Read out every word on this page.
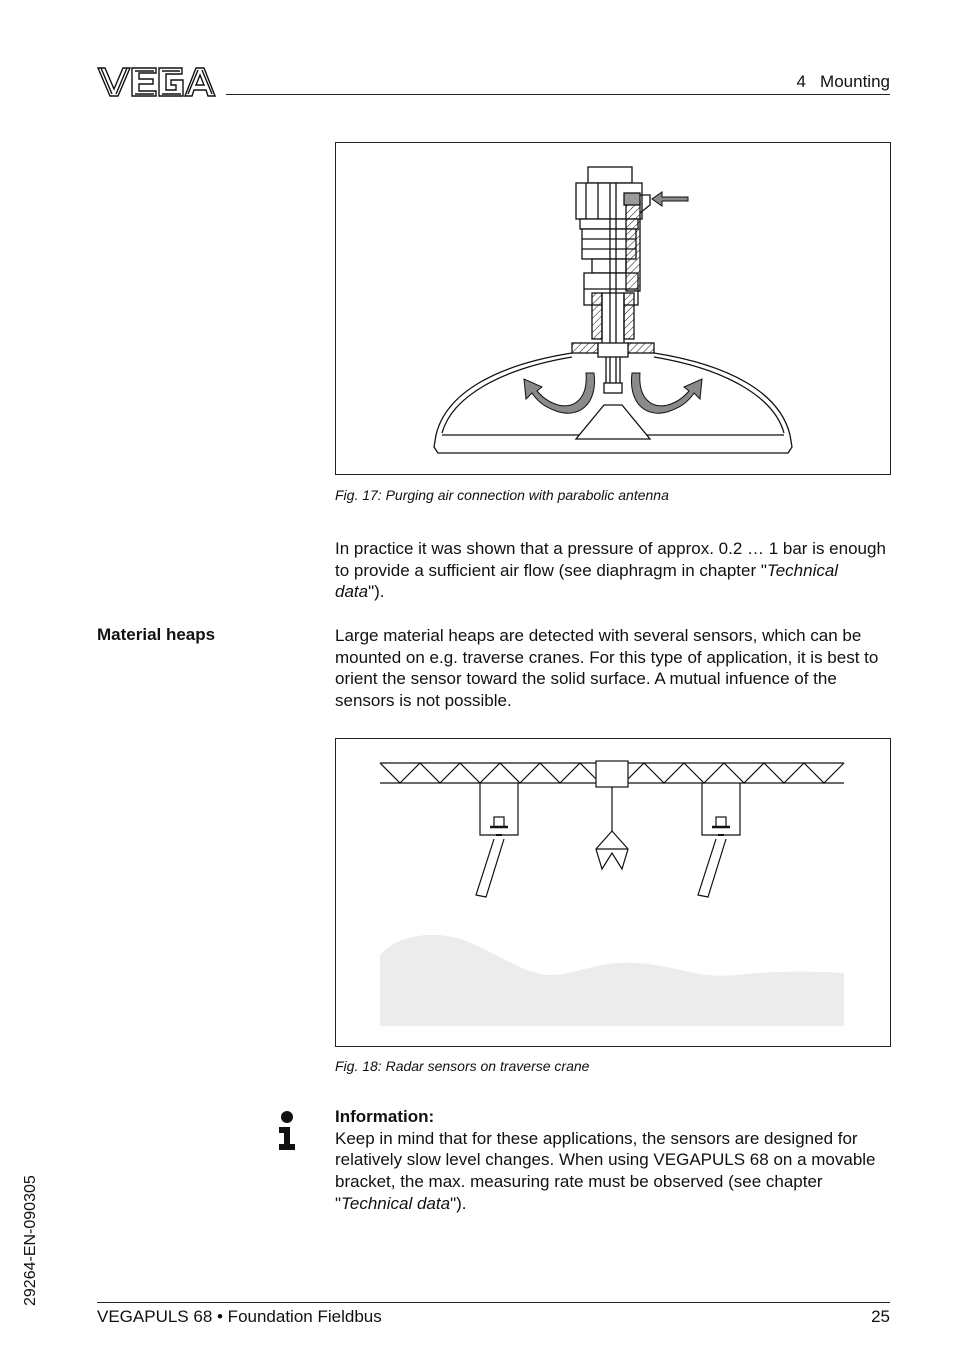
4   Mounting
Fig. 17: Purging air connection with parabolic antenna
In practice it was shown that a pressure of approx. 0.2 … 1 bar is enough to provide a sufficient air flow (see diaphragm in chapter "Technical data").
Material heaps	Large material heaps are detected with several sensors, which can be mounted on e.g. traverse cranes. For this type of application, it is best to orient the sensor toward the solid surface. A mutual infuence of the sensors is not possible.
Fig. 18: Radar sensors on traverse crane
Information:
Keep in mind that for these applications, the sensors are designed for relatively slow level changes. When using VEGAPULS 68 on a movable bracket, the max. measuring rate must be observed (see chapter "Technical data").
29264-EN-090305
VEGAPULS 68 • Foundation Fieldbus	25
